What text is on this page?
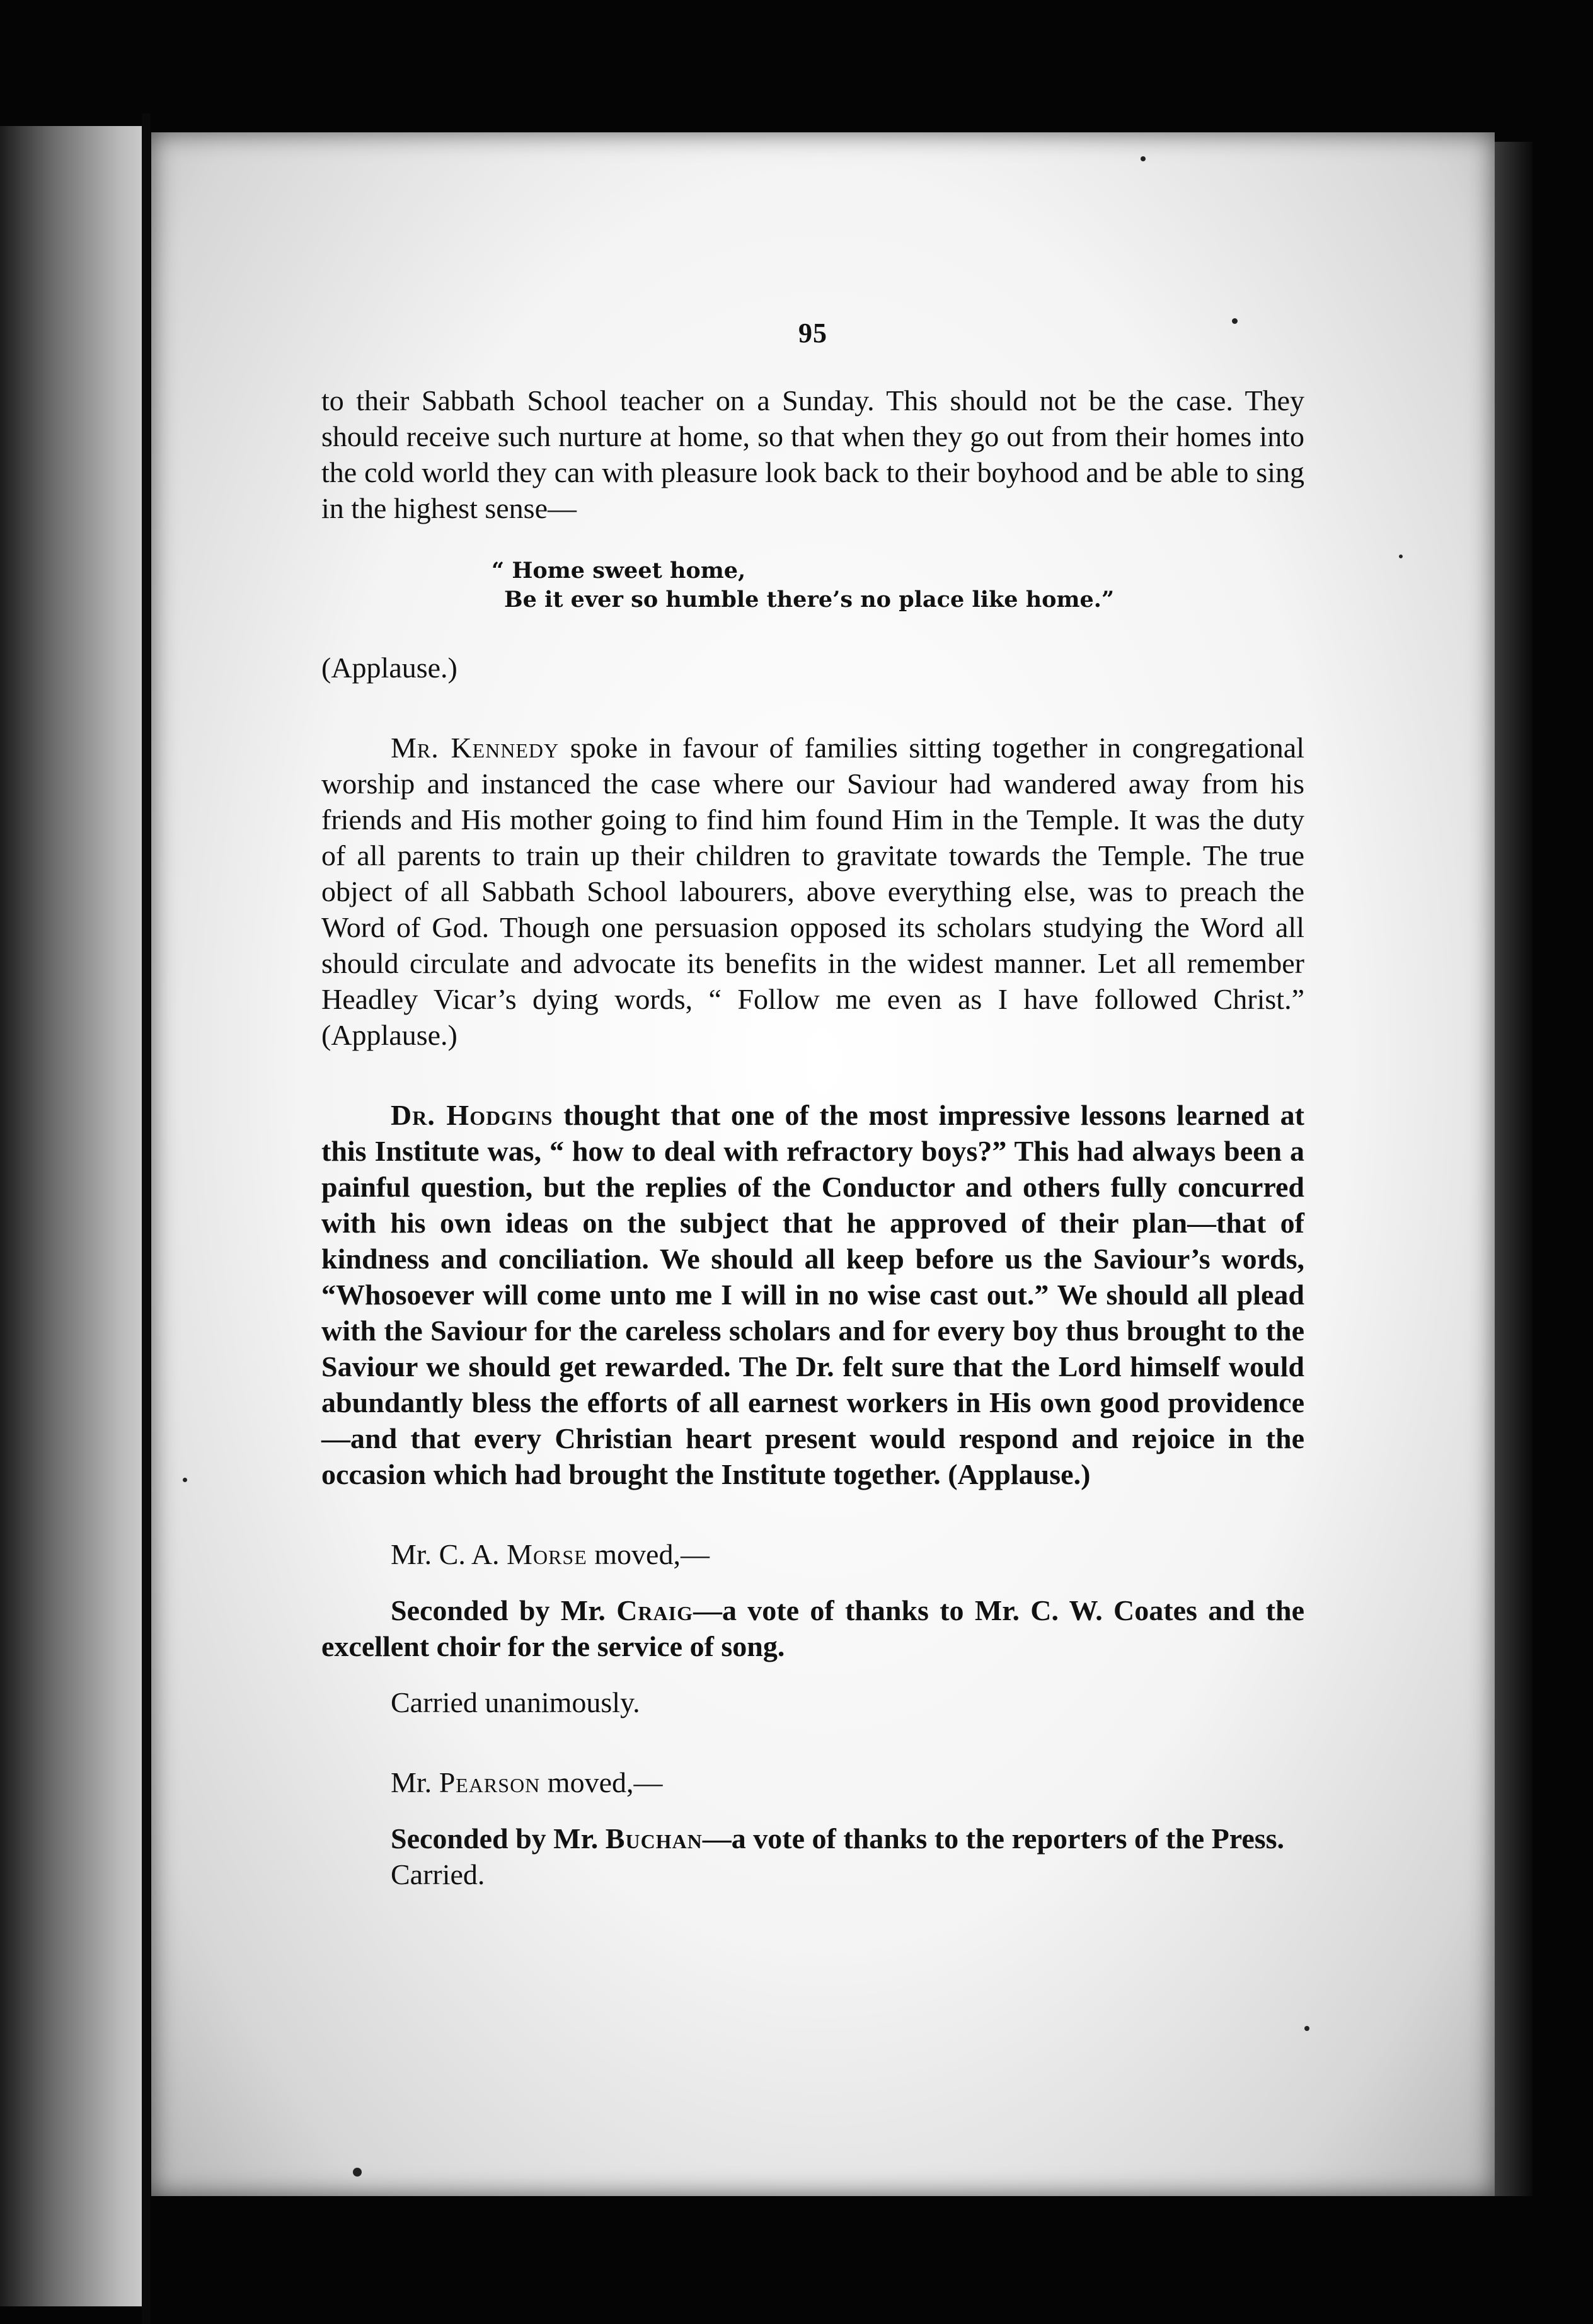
95

to their Sabbath School teacher on a Sunday. This should not be the case. They should receive such nurture at home, so that when they go out from their homes into the cold world they can with pleasure look back to their boyhood and be able to sing in the highest sense—

“ Home sweet home,
Be it ever so humble there’s no place like home.”

(Applause.)

Mr. Kennedy spoke in favour of families sitting together in congregational worship and instanced the case where our Saviour had wandered away from his friends and His mother going to find him found Him in the Temple. It was the duty of all parents to train up their children to gravitate towards the Temple. The true object of all Sabbath School labourers, above everything else, was to preach the Word of God. Though one persuasion opposed its scholars studying the Word all should circulate and advocate its benefits in the widest manner. Let all remember Headley Vicar’s dying words, “ Follow me even as I have followed Christ.” (Applause.)

Dr. Hodgins thought that one of the most impressive lessons learned at this Institute was, “ how to deal with refractory boys?” This had always been a painful question, but the replies of the Conductor and others fully concurred with his own ideas on the subject that he approved of their plan—that of kindness and conciliation. We should all keep before us the Saviour’s words, “Whosoever will come unto me I will in no wise cast out.” We should all plead with the Saviour for the careless scholars and for every boy thus brought to the Saviour we should get rewarded. The Dr. felt sure that the Lord himself would abundantly bless the efforts of all earnest workers in His own good providence—and that every Christian heart present would respond and rejoice in the occasion which had brought the Institute together. (Applause.)

Mr. C. A. Morse moved,—

Seconded by Mr. Craig—a vote of thanks to Mr. C. W. Coates and the excellent choir for the service of song.

Carried unanimously.

Mr. Pearson moved,—

Seconded by Mr. Buchan—a vote of thanks to the reporters of the Press.

Carried.
